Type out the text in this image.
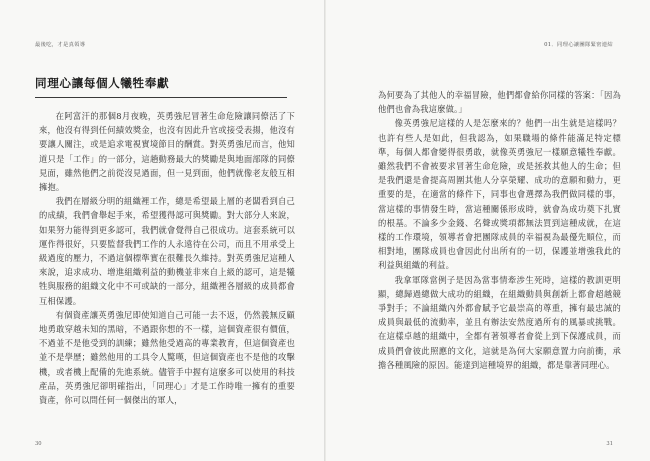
最後吃，才是真領導
同理心讓每個人犧牲奉獻

在阿富汗的那個8月夜晚，英勇強尼冒著生命危險讓同僚活了下來，他沒有得到任何績效獎金，也沒有因此升官或接受表揚，他沒有要讓人關注，或是追求電視實境節目的酬賞。對英勇強尼而言，他知道只是「工作」的一部分，這趟動務最大的獎勵是與地面部隊的同僚見面，雖然他們之前從沒見過面，但一見到面，他們就像老友般互相擁抱。

我們在層級分明的組織裡工作，總是希望最上層的老闆看到自己的成績，我們會舉起手來，希望獲得認可與獎勵。對大部分人來說，如果努力能得到更多認可，我們就會覺得自己很成功。這套系統可以運作得很好，只要監督我們工作的人永遠待在公司，而且不用承受上級過度的壓力，不過這個標準實在很難長久維持。對英勇強尼這種人來說，追求成功、增進組織利益的動機並非來自上級的認可，這是犧牲與服務的組織文化中不可或缺的一部分，組織裡各層級的成員都會互相保護。

有個資產讓英勇強尼即使知道自己可能一去不返，仍然義無反顧地勇敢穿越未知的黑暗，不過跟你想的不一樣，這個資產很有價值，不過並不是他受到的訓練；雖然他受過高的專業教育，但這個資產也並不是學歷；雖然他用的工具令人驚嘆，但這個資產也不是他的攻擊機，或者機上配備的先進系統。儘管手中握有這麼多可以使用的科技產品，英勇強尼卻明確指出，「同理心」才是工作時唯一擁有的重要資產，你可以問任何一個傑出的軍人，

30
01．同理心讓團隊緊密連結

為何要為了其他人的幸福冒險，他們都會給你同樣的答案：「因為他們也會為我這麼做。」

像英勇強尼這樣的人是怎麼來的？他們一出生就是這樣吗？也許有些人是如此，但我認為，如果職場的條件能滿足特定標準，每個人都會變得很勇敢，就像英勇強尼一樣願意犧牲奉獻。雖然我們不會被要求冒著生命危險，或是拯救其他人的生命；但是我們還是會提高周圍其他人分享榮耀、成功的意願和動力，更重要的是，在適當的條件下，同事也會選擇為我們做同樣的事，當這樣的事情發生時，當這種關係形成時，就會為成功奠下扎實的根基。不論多少金錢、名聲或獎項都無法買到這種成就，在這樣的工作環境，領導者會把團隊成員的幸福視為最優先順位，而相對地，團隊成員也會因此付出所有的一切，保護並增強我此的利益與組織的利益。

我拿軍隊當例子是因為當事情牽涉生死時，這樣的教訓更明顯，總歸過總做大成功的組織，在組織動員與創新上都會超越競爭對手；不論組織內外都會賦予它最崇高的尊重，擁有最忠誠的成員與最低的流動率，並且有辦法安然度過所有的風暴或挑戰。在這樣卓越的組織中，全都有著領導者會從上到下保護成員，而成員們會彼此照應的文化，這就是為何大家願意置力向前衝，承擔各種風險的原因。能達到這種境界的組織，都是靠著同理心。

31
